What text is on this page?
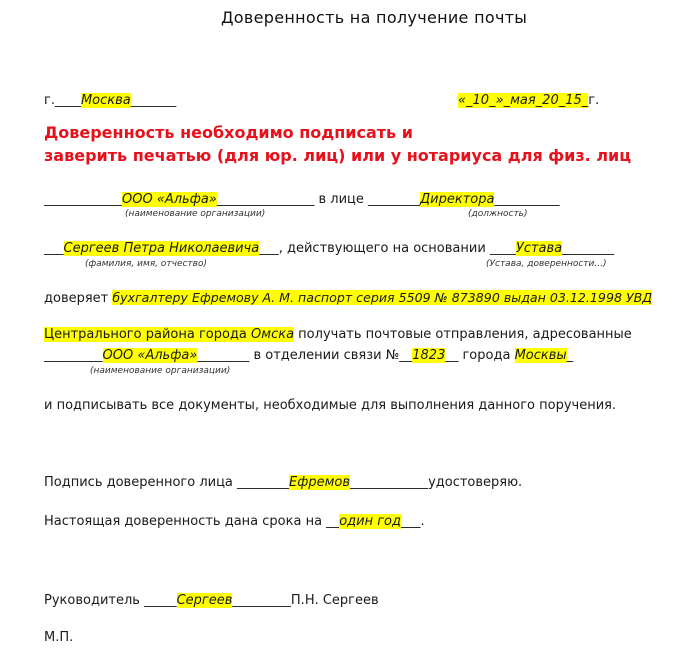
Доверенность на получение почты
г.____Москва_______	«_10_»_мая_20_15_г.
Доверенность необходимо подписать и
заверить печатью (для юр. лиц) или у нотариуса для физ. лиц
____________ООО «Альфа»_______________ в лице ________Директора__________
(наименование организации)	(должность)
___Сергеев Петра Николаевича___, действующего на основании ____Устава________
(фамилия, имя, отчество)	(Устава, доверенности...)
доверяет бухгалтеру Ефремову А. М. паспорт серия 5509 № 873890 выдан 03.12.1998 УВД
Центрального района города Омска получать почтовые отправления, адресованные
_________ООО «Альфа»________ в отделении связи №__1823__ города Москвы_
(наименование организации)
и подписывать все документы, необходимые для выполнения данного поручения.
Подпись доверенного лица ________Ефремов____________удостоверяю.
Настоящая доверенность дана срока на __один год___.
Руководитель _____Сергеев_________П.Н. Сергеев
М.П.
